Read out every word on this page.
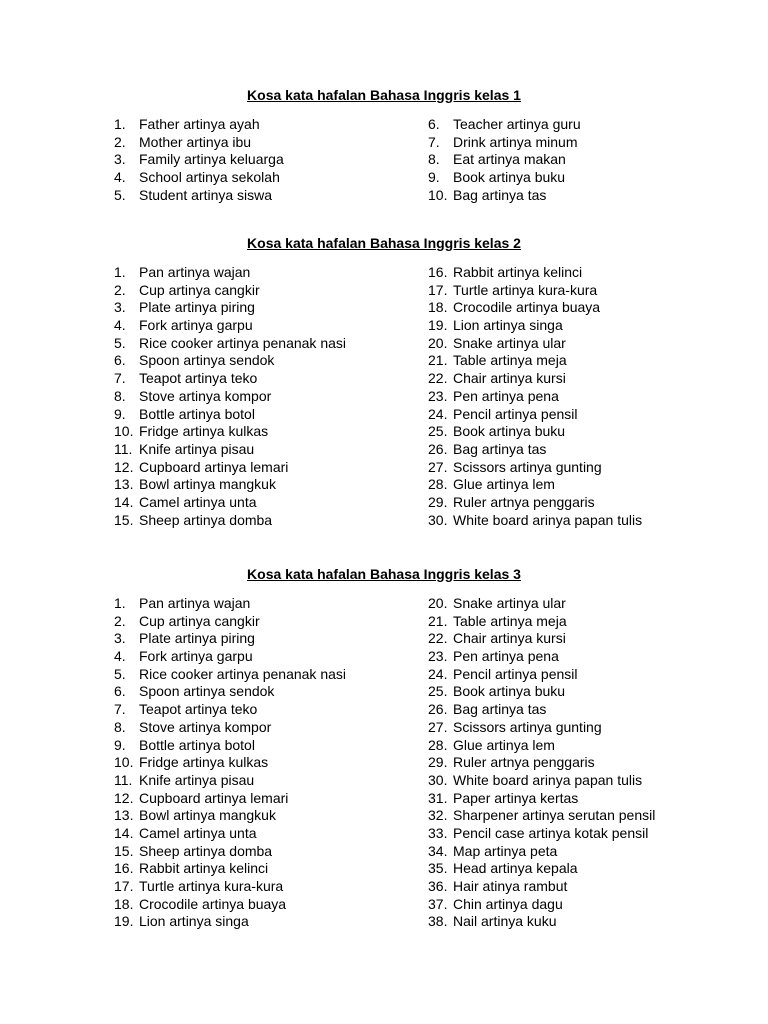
Kosa kata hafalan Bahasa Inggris kelas 1
1. Father artinya ayah
2. Mother artinya ibu
3. Family artinya keluarga
4. School artinya sekolah
5. Student artinya siswa
6. Teacher artinya guru
7. Drink artinya minum
8. Eat artinya makan
9. Book artinya buku
10. Bag artinya tas
Kosa kata hafalan Bahasa Inggris kelas 2
1. Pan artinya wajan
2. Cup artinya cangkir
3. Plate artinya piring
4. Fork artinya garpu
5. Rice cooker artinya penanak nasi
6. Spoon artinya sendok
7. Teapot artinya teko
8. Stove artinya kompor
9. Bottle artinya botol
10. Fridge artinya kulkas
11. Knife artinya pisau
12. Cupboard artinya lemari
13. Bowl artinya mangkuk
14. Camel artinya unta
15. Sheep artinya domba
16. Rabbit artinya kelinci
17. Turtle artinya kura-kura
18. Crocodile artinya buaya
19. Lion artinya singa
20. Snake artinya ular
21. Table artinya meja
22. Chair artinya kursi
23. Pen artinya pena
24. Pencil artinya pensil
25. Book artinya buku
26. Bag artinya tas
27. Scissors artinya gunting
28. Glue artinya lem
29. Ruler artnya penggaris
30. White board arinya papan tulis
Kosa kata hafalan Bahasa Inggris kelas 3
1. Pan artinya wajan
2. Cup artinya cangkir
3. Plate artinya piring
4. Fork artinya garpu
5. Rice cooker artinya penanak nasi
6. Spoon artinya sendok
7. Teapot artinya teko
8. Stove artinya kompor
9. Bottle artinya botol
10. Fridge artinya kulkas
11. Knife artinya pisau
12. Cupboard artinya lemari
13. Bowl artinya mangkuk
14. Camel artinya unta
15. Sheep artinya domba
16. Rabbit artinya kelinci
17. Turtle artinya kura-kura
18. Crocodile artinya buaya
19. Lion artinya singa
20. Snake artinya ular
21. Table artinya meja
22. Chair artinya kursi
23. Pen artinya pena
24. Pencil artinya pensil
25. Book artinya buku
26. Bag artinya tas
27. Scissors artinya gunting
28. Glue artinya lem
29. Ruler artnya penggaris
30. White board arinya papan tulis
31. Paper artinya kertas
32. Sharpener artinya serutan pensil
33. Pencil case artinya kotak pensil
34. Map artinya peta
35. Head artinya kepala
36. Hair atinya rambut
37. Chin artinya dagu
38. Nail artinya kuku
